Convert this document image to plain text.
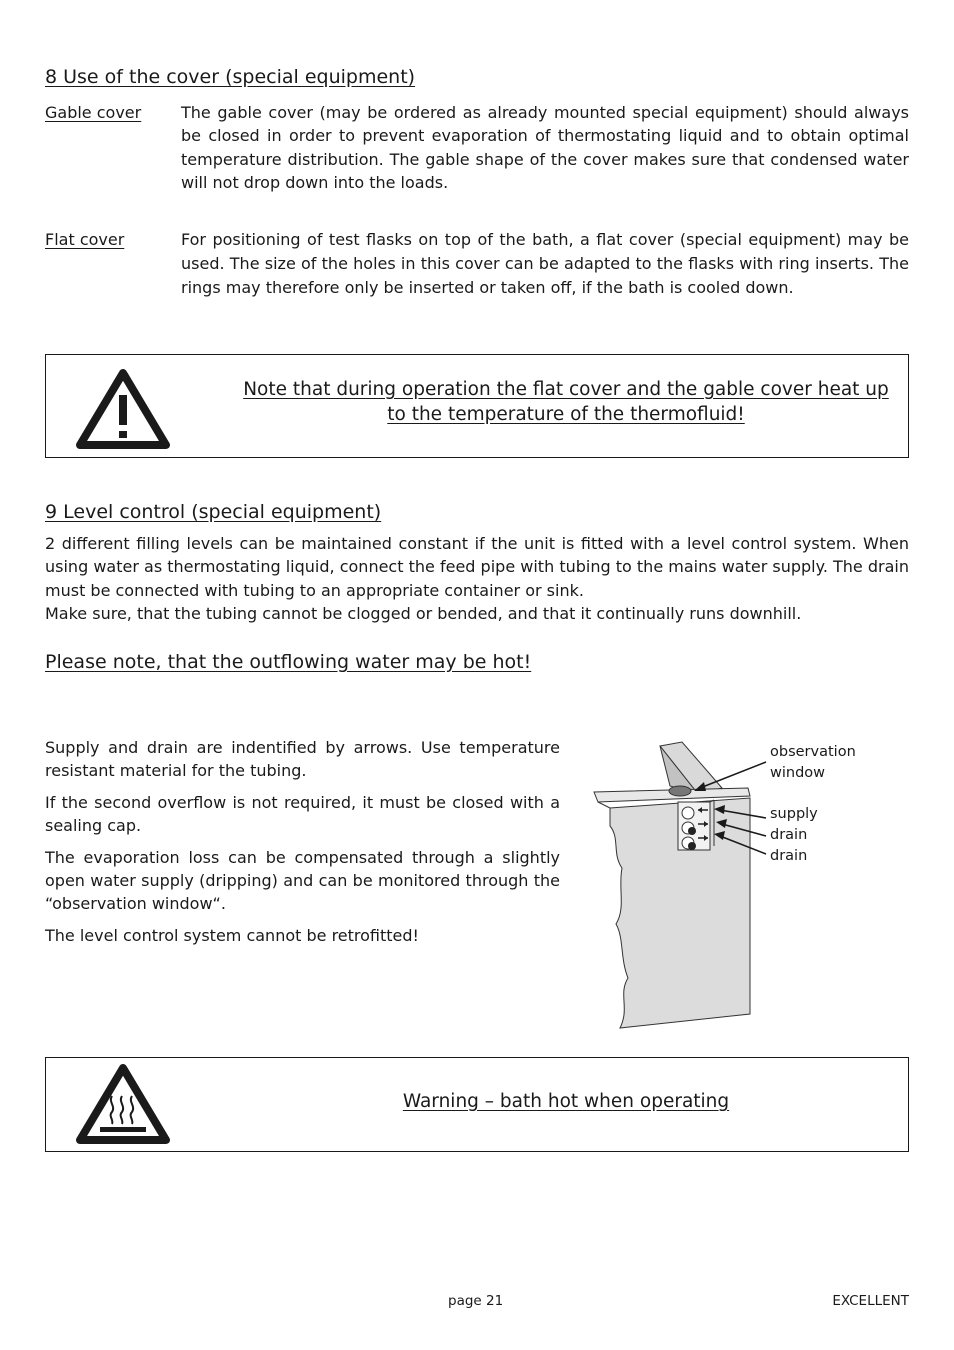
8 Use of the cover (special equipment)
Gable cover The gable cover (may be ordered as already mounted special equipment) should always be closed in order to prevent evaporation of thermostating liquid and to obtain optimal temperature distribution. The gable shape of the cover makes sure that condensed water will not drop down into the loads.

Flat cover	For positioning of test flasks on top of the bath, a flat cover (special equipment) may be used. The size of the holes in this cover can be adapted to the flasks with ring inserts. The rings may therefore only be inserted or taken off, if the bath is cooled down.

Note that during operation the flat cover and the gable cover heat up
to the temperature of the thermofluid!
9 Level control (special equipment)

2 different filling levels can be maintained constant if the unit is fitted with a level control system. When using water as thermostating liquid, connect the feed pipe with tubing to the mains water supply. The drain must be connected with tubing to an appropriate container or sink.

Make sure, that the tubing cannot be clogged or bended, and that it continually runs downhill.

Please note, that the outflowing water may be hot!

Supply and drain are indentified by arrows. Use temperature resistant material for the tubing.

If the second overflow is not required, it must be closed with a sealing cap.

The evaporation loss can be compensated through a slightly open water supply (dripping) and can be monitored through the “observation window“.

The level control system cannot be retrofitted!

observation
window
supply
drain
drain
Warning – bath hot when operating
page 21	EXCELLENT
